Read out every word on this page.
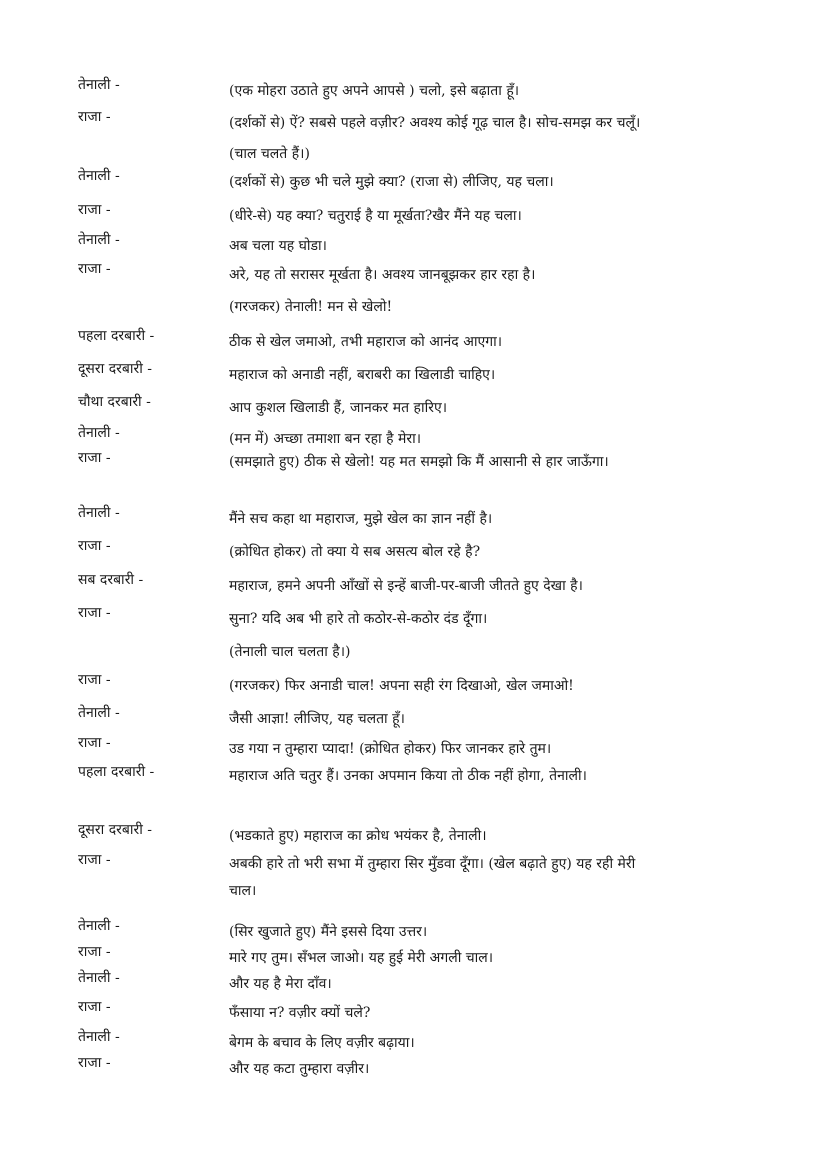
तेनाली -	(एक मोहरा उठाते हुए अपने आपसे ) चलो, इसे बढ़ाता हूँ।
राजा -	(दर्शकों से) ऐं? सबसे पहले वज़ीर? अवश्य कोई गूढ़ चाल है। सोच-समझ कर चलूँ। (चाल चलते हैं।)
तेनाली -	(दर्शकों से) कुछ भी चले मुझे क्या? (राजा से) लीजिए, यह चला।
राजा -	(धीरे-से) यह क्या? चतुराई है या मूर्खता?खैर मैंने यह चला।
तेनाली -	अब चला यह घोडा।
राजा -	अरे, यह तो सरासर मूर्खता है। अवश्य जानबूझकर हार रहा है।
(गरजकर) तेनाली! मन से खेलो!
पहला दरबारी -	ठीक से खेल जमाओ, तभी महाराज को आनंद आएगा।
दूसरा दरबारी -	महाराज को अनाडी नहीं, बराबरी का खिलाडी चाहिए।
चौथा दरबारी -	आप कुशल खिलाडी हैं, जानकर मत हारिए।
तेनाली -	(मन में) अच्छा तमाशा बन रहा है मेरा।
राजा -	(समझाते हुए) ठीक से खेलो! यह मत समझो कि मैं आसानी से हार जाऊँगा।
तेनाली -	मैंने सच कहा था महाराज, मुझे खेल का ज्ञान नहीं है।
राजा -	(क्रोधित होकर) तो क्या ये सब असत्य बोल रहे है?
सब दरबारी -	महाराज, हमने अपनी आँखों से इन्हें बाजी-पर-बाजी जीतते हुए देखा है।
राजा -	सुना? यदि अब भी हारे तो कठोर-से-कठोर दंड दूँगा।
(तेनाली चाल चलता है।)
राजा -	(गरजकर) फिर अनाडी चाल! अपना सही रंग दिखाओ, खेल जमाओ!
तेनाली -	जैसी आज्ञा! लीजिए, यह चलता हूँ।
राजा -	उड गया न तुम्हारा प्यादा! (क्रोधित होकर) फिर जानकर हारे तुम।
पहला दरबारी -	महाराज अति चतुर हैं। उनका अपमान किया तो ठीक नहीं होगा, तेनाली।
दूसरा दरबारी -	(भडकाते हुए) महाराज का क्रोध भयंकर है, तेनाली।
राजा -	अबकी हारे तो भरी सभा में तुम्हारा सिर मुँडवा दूँगा। (खेल बढ़ाते हुए) यह रही मेरी चाल।
तेनाली -	(सिर खुजाते हुए) मैंने इससे दिया उत्तर।
राजा -	मारे गए तुम। सँभल जाओ। यह हुई मेरी अगली चाल।
तेनाली -	और यह है मेरा दाँव।
राजा -	फँसाया न? वज़ीर क्यों चले?
तेनाली -	बेगम के बचाव के लिए वज़ीर बढ़ाया।
राजा -	और यह कटा तुम्हारा वज़ीर।
